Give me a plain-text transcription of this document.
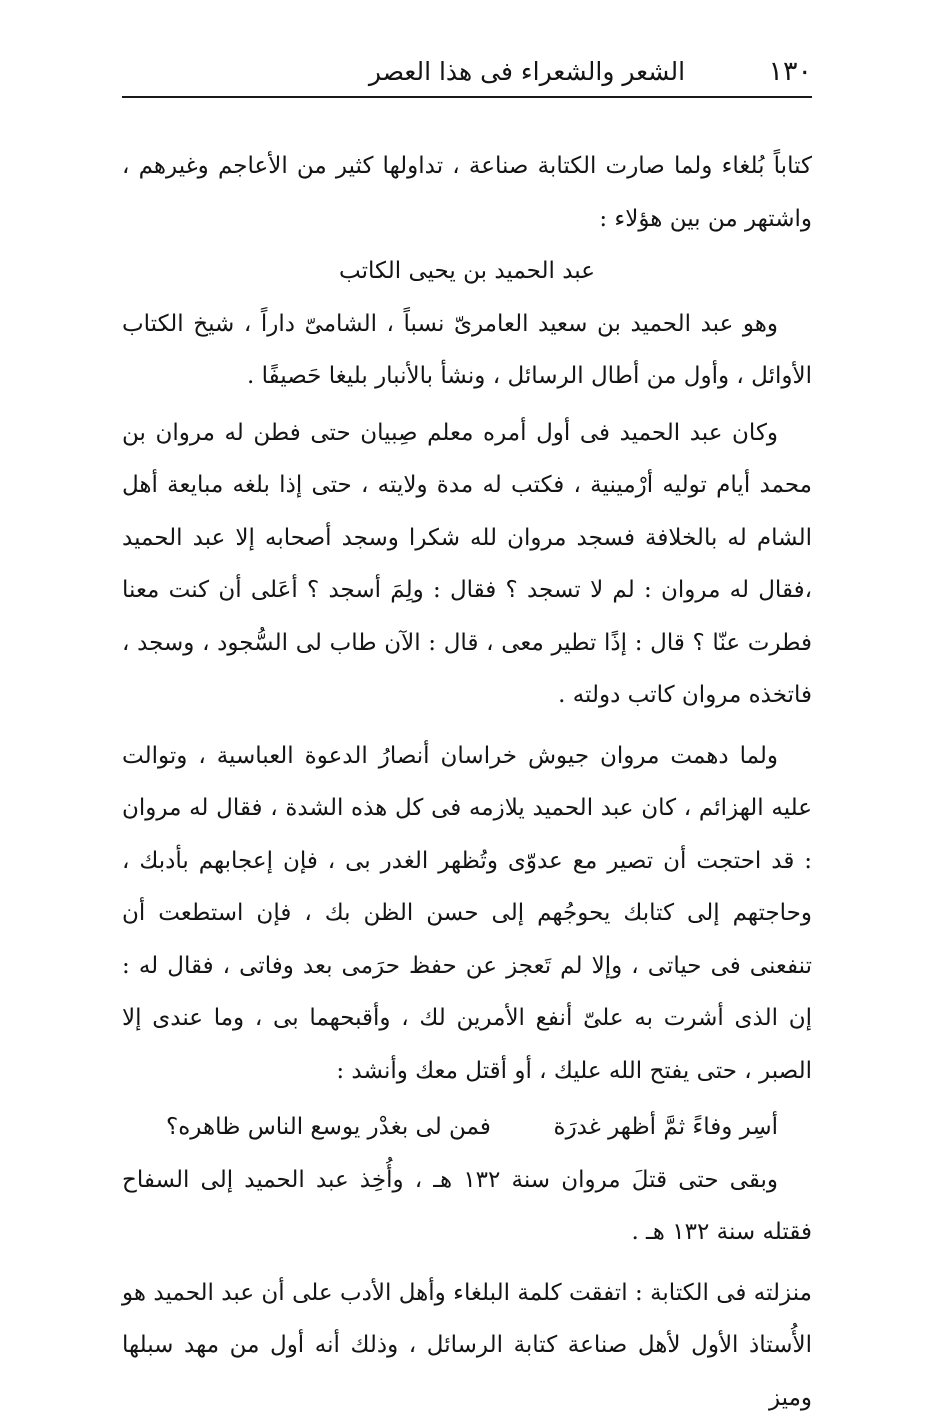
١٣٠
الشعر والشعراء فى هذا العصر

كتاباً بُلغاء ولما صارت الكتابة صناعة ، تداولها كثير من الأعاجم وغيرهم ، واشتهر من بين هؤلاء :

عبد الحميد بن يحيى الكاتب

وهو عبد الحميد بن سعيد العامرىّ نسباً ، الشامىّ داراً ، شيخ الكتاب الأوائل ، وأول من أطال الرسائل ، ونشأ بالأنبار بليغا حَصيفًا .

وكان عبد الحميد فى أول أمره معلم صِبيان حتى فطن له مروان بن محمد أيام توليه أرْمينية ، فكتب له مدة ولايته ، حتى إذا بلغه مبايعة أهل الشام له بالخلافة فسجد مروان لله شكرا وسجد أصحابه إلا عبد الحميد ،فقال له مروان : لم لا تسجد ؟ فقال : ولِمَ أسجد ؟ أعَلى أن كنت معنا فطرت عنّا ؟ قال : إذًا تطير معى ، قال : الآن طاب لى السُّجود ، وسجد ، فاتخذه مروان كاتب دولته .

ولما دهمت مروان جيوش خراسان أنصارُ الدعوة العباسية ، وتوالت عليه الهزائم ، كان عبد الحميد يلازمه فى كل هذه الشدة ، فقال له مروان : قد احتجت أن تصير مع عدوّى وتُظهر الغدر بى ، فإن إعجابهم بأدبك ، وحاجتهم إلى كتابك يحوجُهم إلى حسن الظن بك ، فإن استطعت أن تنفعنى فى حياتى ، وإلا لم تَعجز عن حفظ حرَمى بعد وفاتى ، فقال له : إن الذى أشرت به علىّ أنفع الأمرين لك ، وأقبحهما بى ، وما عندى إلا الصبر ، حتى يفتح الله عليك ، أو أقتل معك وأنشد :

أسِر وفاءً ثمَّ أظهر غدرَة
فمن لى بغدْر يوسع الناس ظاهره؟

وبقى حتى قتلَ مروان سنة ١٣٢ هـ ، وأُخِذ عبد الحميد إلى السفاح فقتله سنة ١٣٢ هـ .

منزلته فى الكتابة : اتفقت كلمة البلغاء وأهل الأدب على أن عبد الحميد هو الأُستاذ الأول لأهل صناعة كتابة الرسائل ، وذلك أنه أول من مهد سبلها وميز
